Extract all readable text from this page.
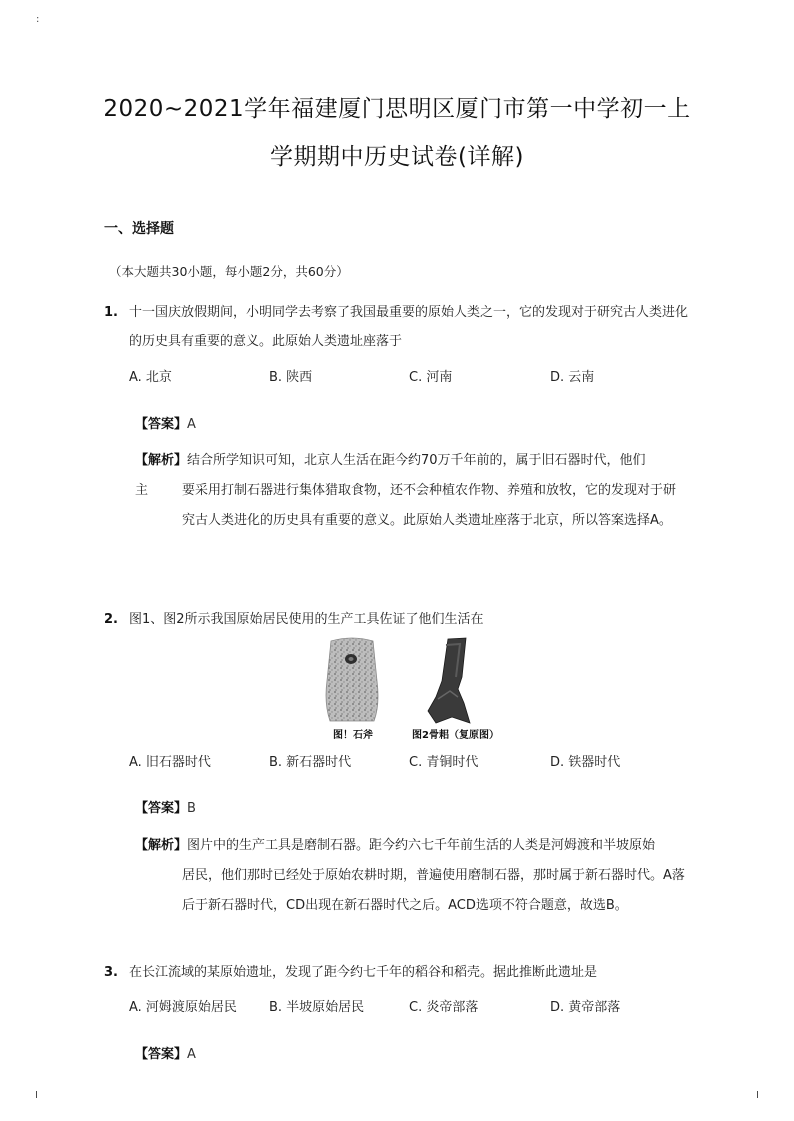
:
2020~2021学年福建厦门思明区厦门市第一中学初一上
学期期中历史试卷(详解)
一、选择题
（本大题共30小题，每小题2分，共60分）
1. 十一国庆放假期间，小明同学去考察了我国最重要的原始人类之一，它的发现对于研究古人类进化的历史具有重要的意义。此原始人类遗址座落于
A. 北京	B. 陕西	C. 河南	D. 云南
【答案】A
【解析】结合所学知识可知，北京人生活在距今约70万千年前的，属于旧石器时代，他们主	要采用打制石器进行集体猎取食物，还不会种植农作物、养殖和放牧，它的发现对于研究古人类进化的历史具有重要的意义。此原始人类遗址座落于北京，所以答案选择A。
2. 图1、图2所示我国原始居民使用的生产工具佐证了他们生活在
图！石斧	图2骨耜（复原图）
A. 旧石器时代	B. 新石器时代	C. 青铜时代	D. 铁器时代
【答案】B
【解析】图片中的生产工具是磨制石器。距今约六七千年前生活的人类是河姆渡和半坡原始
居民，他们那时已经处于原始农耕时期，普遍使用磨制石器，那时属于新石器时代。A落后于新石器时代，CD出现在新石器时代之后。ACD选项不符合题意，故选B。
3. 在长江流域的某原始遗址，发现了距今约七千年的稻谷和稻壳。据此推断此遗址是
A. 河姆渡原始居民 B. 半坡原始居民	C. 炎帝部落	D. 黄帝部落
【答案】A
I	I
